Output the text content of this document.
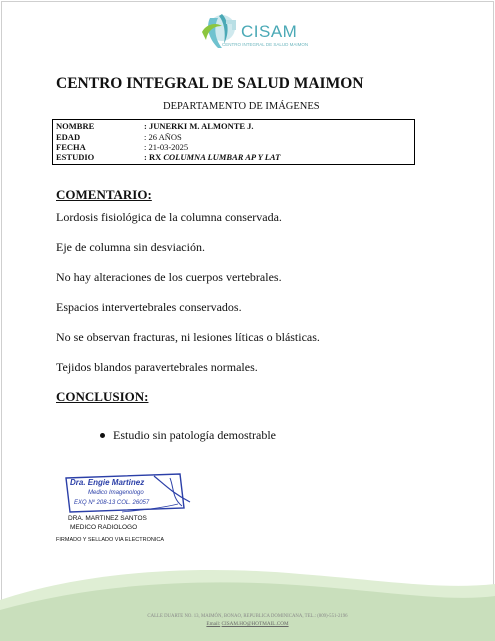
CISAM
CENTRO INTEGRAL DE SALUD MAIMON
CENTRO INTEGRAL DE SALUD MAIMON
DEPARTAMENTO DE IMÁGENES
NOMBRE	: JUNERKI M. ALMONTE J.
EDAD	: 26 AÑOS
FECHA	: 21-03-2025
ESTUDIO	: RX COLUMNA LUMBAR AP Y LAT
COMENTARIO:
Lordosis fisiológica de la columna conservada.
Eje de columna sin desviación.
No hay alteraciones de los cuerpos vertebrales.
Espacios intervertebrales conservados.
No se observan fracturas, ni lesiones líticas o blásticas.
Tejidos blandos paravertebrales normales.
CONCLUSION:
Estudio sin patología demostrable
Dra. Engie Martinez
Medico Imagenologo
EXQ Nº 208-13 COL. 26057
DRA. MARTINEZ SANTOS
MEDICO RADIOLOGO
FIRMADO Y SELLADO VIA ELECTRONICA
CALLE DUARTE NO. 13, MAIMÓN, BONAO, REPUBLICA DOMINICANA, TEL.: (809)-551-2196
Email: CISAM.HO@HOTMAIL.COM
